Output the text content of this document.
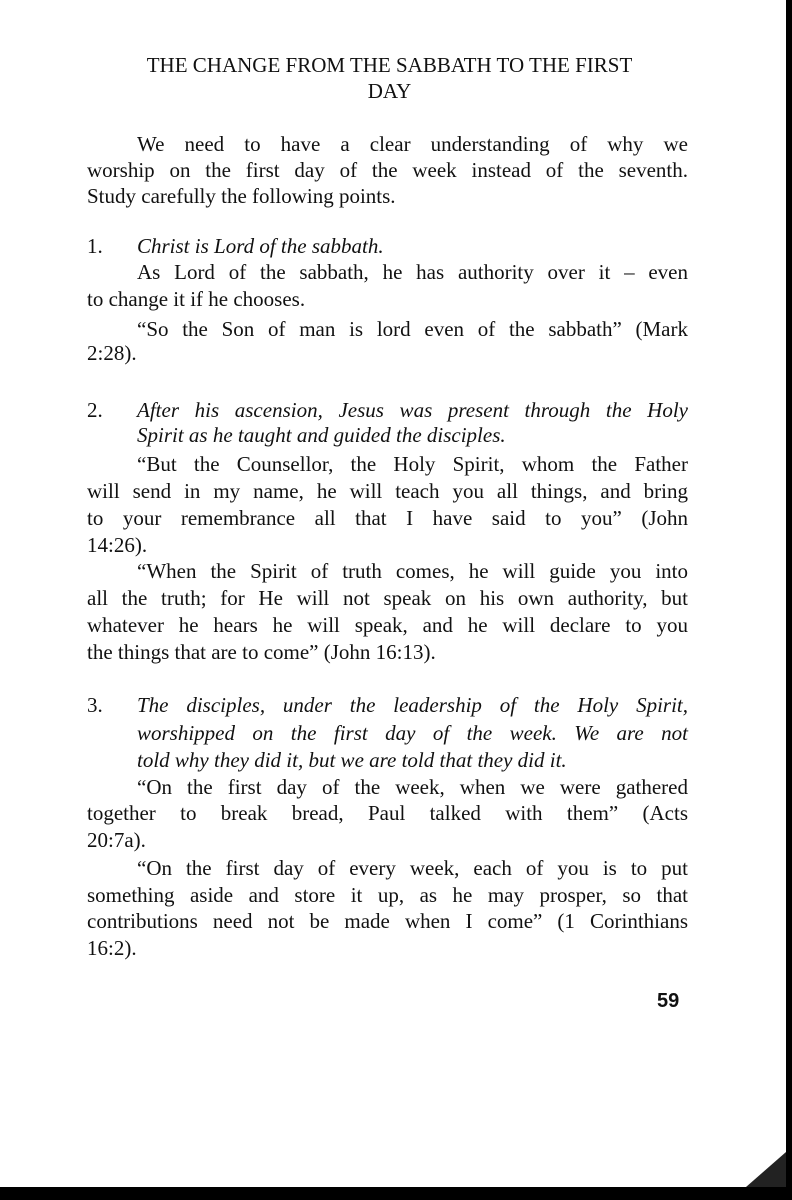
THE CHANGE FROM THE SABBATH TO THE FIRST
DAY
We need to have a clear understanding of why we
worship on the first day of the week instead of the seventh.
Study carefully the following points.
1. Christ is Lord of the sabbath.
As Lord of the sabbath, he has authority over it – even
to change it if he chooses.
“So the Son of man is lord even of the sabbath” (Mark
2:28).
2. After his ascension, Jesus was present through the Holy
Spirit as he taught and guided the disciples.
“But the Counsellor, the Holy Spirit, whom the Father
will send in my name, he will teach you all things, and bring
to your remembrance all that I have said to you” (John
14:26).
“When the Spirit of truth comes, he will guide you into
all the truth; for He will not speak on his own authority, but
whatever he hears he will speak, and he will declare to you
the things that are to come” (John 16:13).
3. The disciples, under the leadership of the Holy Spirit,
worshipped on the first day of the week. We are not
told why they did it, but we are told that they did it.
“On the first day of the week, when we were gathered
together to break bread, Paul talked with them” (Acts
20:7a).
“On the first day of every week, each of you is to put
something aside and store it up, as he may prosper, so that
contributions need not be made when I come” (1 Corinthians
16:2).
59
